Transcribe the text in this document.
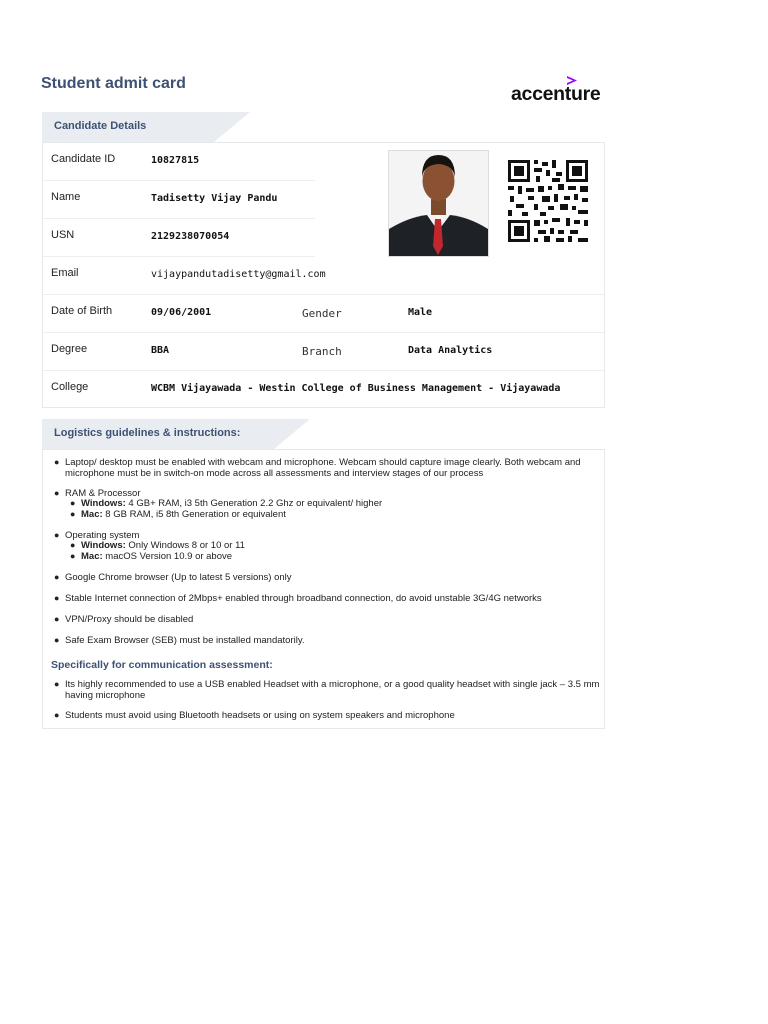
Student admit card	accenture
Candidate Details
Candidate ID	10827815
Name	Tadisetty Vijay Pandu
USN	2129238070054
Email	vijaypandutadisetty@gmail.com
Date of Birth	09/06/2001	Gender	Male
Degree	BBA	Branch	Data Analytics
College	WCBM Vijayawada - Westin College of Business Management - Vijayawada
Logistics guidelines & instructions:
● Laptop/ desktop must be enabled with webcam and microphone. Webcam should capture image clearly. Both webcam and microphone must be in switch-on mode across all assessments and interview stages of our process
● RAM & Processor
● Windows: 4 GB+ RAM, i3 5th Generation 2.2 Ghz or equivalent/ higher
● Mac: 8 GB RAM, i5 8th Generation or equivalent
● Operating system
● Windows: Only Windows 8 or 10 or 11
● Mac: macOS Version 10.9 or above
● Google Chrome browser (Up to latest 5 versions) only
● Stable Internet connection of 2Mbps+ enabled through broadband connection, do avoid unstable 3G/4G networks
● VPN/Proxy should be disabled
● Safe Exam Browser (SEB) must be installed mandatorily.
Specifically for communication assessment:
● Its highly recommended to use a USB enabled Headset with a microphone, or a good quality headset with single jack – 3.5 mm having microphone
● Students must avoid using Bluetooth headsets or using on system speakers and microphone
